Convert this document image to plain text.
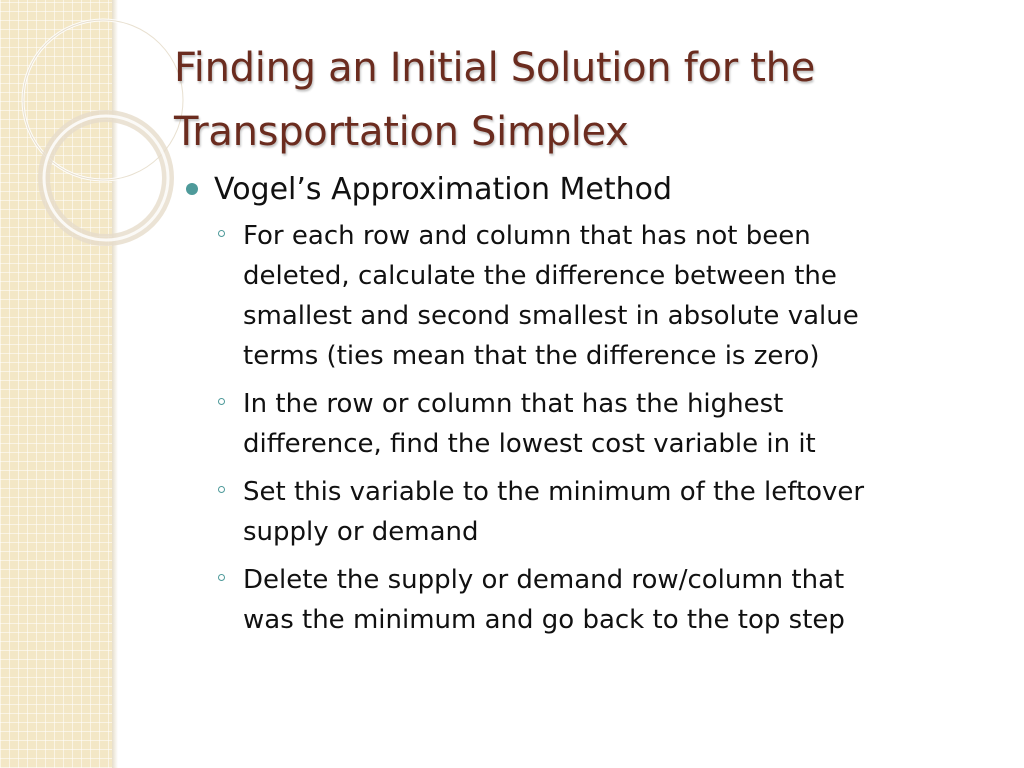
Finding an Initial Solution for the
Transportation Simplex
Vogel’s Approximation Method
For each row and column that has not been
deleted, calculate the difference between the
smallest and second smallest in absolute value
terms (ties mean that the difference is zero)
In the row or column that has the highest
difference, find the lowest cost variable in it
Set this variable to the minimum of the leftover
supply or demand
Delete the supply or demand row/column that
was the minimum and go back to the top step
